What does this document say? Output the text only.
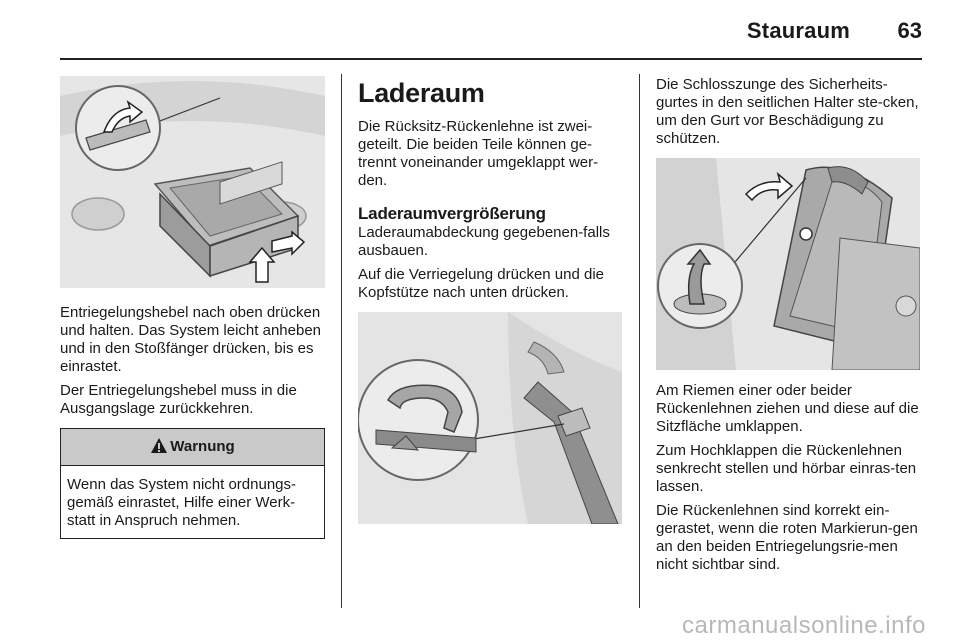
Stauraum	63

Entriegelungshebel nach oben drücken und halten. Das System leicht anheben und in den Stoßfänger drücken, bis es einrastet.

Der Entriegelungshebel muss in die Ausgangslage zurückkehren.

Warnung
Wenn das System nicht ordnungs-gemäß einrastet, Hilfe einer Werk-statt in Anspruch nehmen.
Laderaum

Die Rücksitz-Rückenlehne ist zwei-geteilt. Die beiden Teile können ge-trennt voneinander umgeklappt wer-den.

Laderaumvergrößerung

Laderaumabdeckung gegebenen-falls ausbauen.

Auf die Verriegelung drücken und die Kopfstütze nach unten drücken.

Die Schlosszunge des Sicherheits-gurtes in den seitlichen Halter ste-cken, um den Gurt vor Beschädigung zu schützen.

Am Riemen einer oder beider Rückenlehnen ziehen und diese auf die Sitzfläche umklappen.

Zum Hochklappen die Rückenlehnen senkrecht stellen und hörbar einras-ten lassen.

Die Rückenlehnen sind korrekt ein-gerastet, wenn die roten Markierun-gen an den beiden Entriegelungsrie-men nicht sichtbar sind.

carmanualsonline.info
